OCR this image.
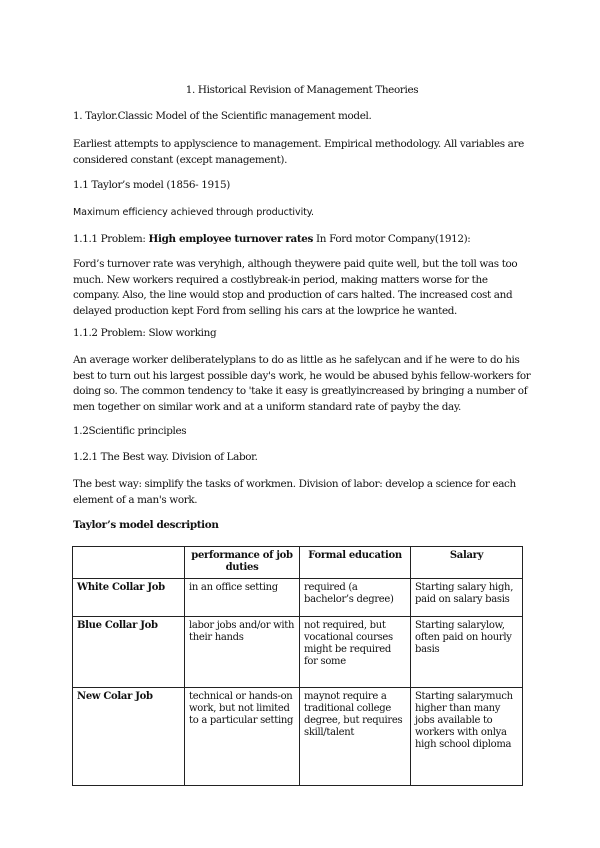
1. Historical Revision of Management Theories

1. Taylor.Classic Model of the Scientific management model.

Earliest attempts to applyscience to management. Empirical methodology. All variables are considered constant (except management).

1.1 Taylor’s model (1856- 1915)

Maximum efficiency achieved through productivity.

1.1.1 Problem: High employee turnover rates In Ford motor Company(1912):

Ford’s turnover rate was veryhigh, although theywere paid quite well, but the toll was too much. New workers required a costlybreak-in period, making matters worse for the company. Also, the line would stop and production of cars halted. The increased cost and delayed production kept Ford from selling his cars at the lowprice he wanted.

1.1.2 Problem: Slow working

An average worker deliberatelyplans to do as little as he safelycan and if he were to do his best to turn out his largest possible day's work, he would be abused byhis fellow-workers for doing so. The common tendency to 'take it easy is greatlyincreased by bringing a number of men together on similar work and at a uniform standard rate of payby the day.

1.2Scientific principles

1.2.1 The Best way. Division of Labor.

The best way: simplify the tasks of workmen. Division of labor: develop a science for each element of a man's work.

Taylor’s model description

	performance of job duties	Formal education	Salary
White Collar Job	in an office setting	required (a bachelor’s degree)	Starting salary high, paid on salary basis
Blue Collar Job	labor jobs and/or with their hands	not required, but vocational courses might be required for some	Starting salarylow, often paid on hourly basis
New Colar Job	technical or hands-on work, but not limited to a particular setting	maynot require a traditional college degree, but requires skill/talent	Starting salarymuch higher than many jobs available to workers with onlya high school diploma
